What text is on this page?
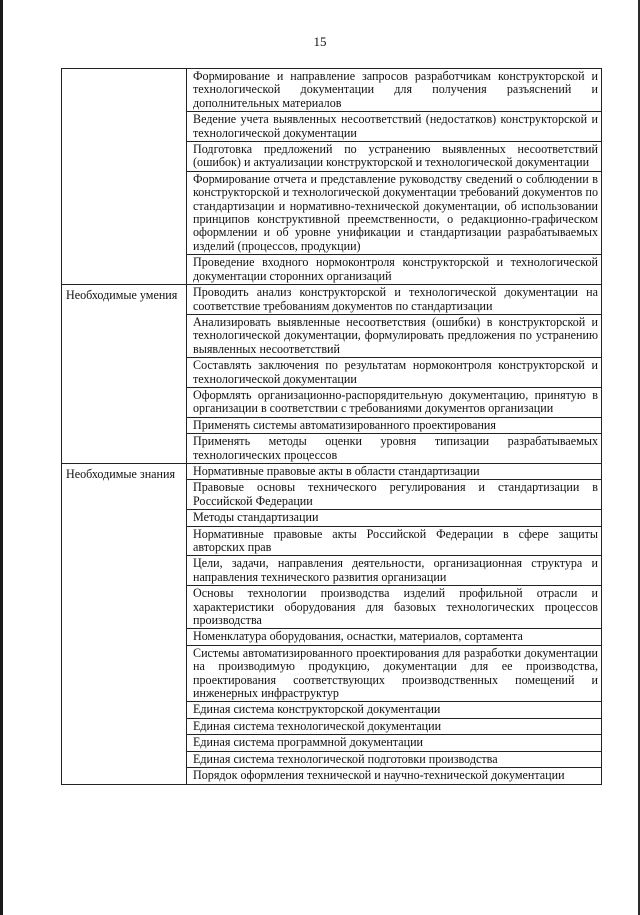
15
	Формирование и направление запросов разработчикам конструкторской и технологической документации для получения разъяснений и дополнительных материалов
	Ведение учета выявленных несоответствий (недостатков) конструкторской и технологической документации
	Подготовка предложений по устранению выявленных несоответствий (ошибок) и актуализации конструкторской и технологической документации
	Формирование отчета и представление руководству сведений о соблюдении в конструкторской и технологической документации требований документов по стандартизации и нормативно-технической документации, об использовании принципов конструктивной преемственности, о редакционно-графическом оформлении и об уровне унификации и стандартизации разрабатываемых изделий (процессов, продукции)
	Проведение входного нормоконтроля конструкторской и технологической документации сторонних организаций
Необходимые умения	Проводить анализ конструкторской и технологической документации на соответствие требованиям документов по стандартизации
	Анализировать выявленные несоответствия (ошибки) в конструкторской и технологической документации, формулировать предложения по устранению выявленных несоответствий
	Составлять заключения по результатам нормоконтроля конструкторской и технологической документации
	Оформлять организационно-распорядительную документацию, принятую в организации в соответствии с требованиями документов организации
	Применять системы автоматизированного проектирования
	Применять методы оценки уровня типизации разрабатываемых технологических процессов
Необходимые знания	Нормативные правовые акты в области стандартизации
	Правовые основы технического регулирования и стандартизации в Российской Федерации
	Методы стандартизации
	Нормативные правовые акты Российской Федерации в сфере защиты авторских прав
	Цели, задачи, направления деятельности, организационная структура и направления технического развития организации
	Основы технологии производства изделий профильной отрасли и характеристики оборудования для базовых технологических процессов производства
	Номенклатура оборудования, оснастки, материалов, сортамента
	Системы автоматизированного проектирования для разработки документации на производимую продукцию, документации для ее производства, проектирования соответствующих производственных помещений и инженерных инфраструктур
	Единая система конструкторской документации
	Единая система технологической документации
	Единая система программной документации
	Единая система технологической подготовки производства
	Порядок оформления технической и научно-технической документации
